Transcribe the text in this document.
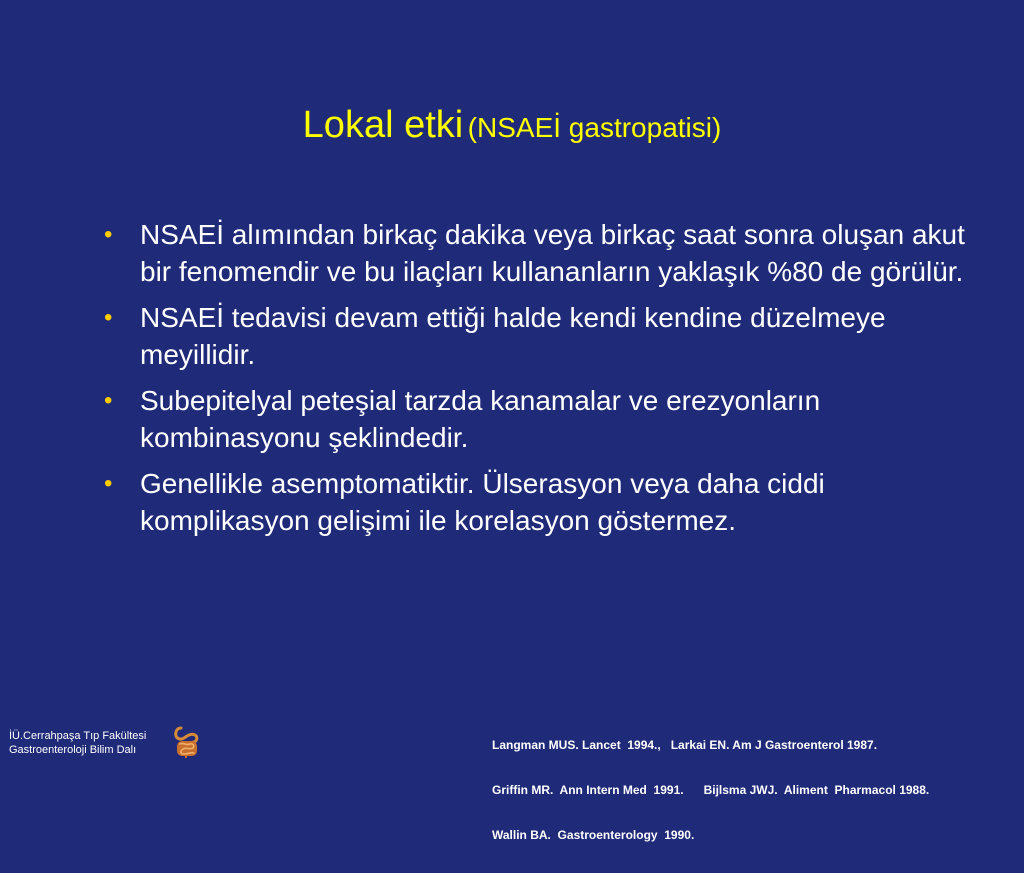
Lokal etki (NSAEİ gastropatisi)
• NSAEİ alımından birkaç dakika veya birkaç saat sonra oluşan akut bir fenomendir ve bu ilaçları kullananların yaklaşık %80 de görülür.
• NSAEİ tedavisi devam ettiği halde kendi kendine düzelmeye meyillidir.
• Subepitelyal peteşial tarzda kanamalar ve erezyonların kombinasyonu şeklindedir.
• Genellikle asemptomatiktir. Ülserasyon veya daha ciddi komplikasyon gelişimi ile korelasyon göstermez.

Langman MUS. Lancet  1994.,   Larkai EN. Am J Gastroenterol 1987.

Griffin MR.  Ann Intern Med  1991.      Bijlsma JWJ.  Aliment  Pharmacol 1988.

Wallin BA.  Gastroenterology  1990.

İÜ.Cerrahpaşa Tıp Fakültesi
Gastroenteroloji Bilim Dalı
